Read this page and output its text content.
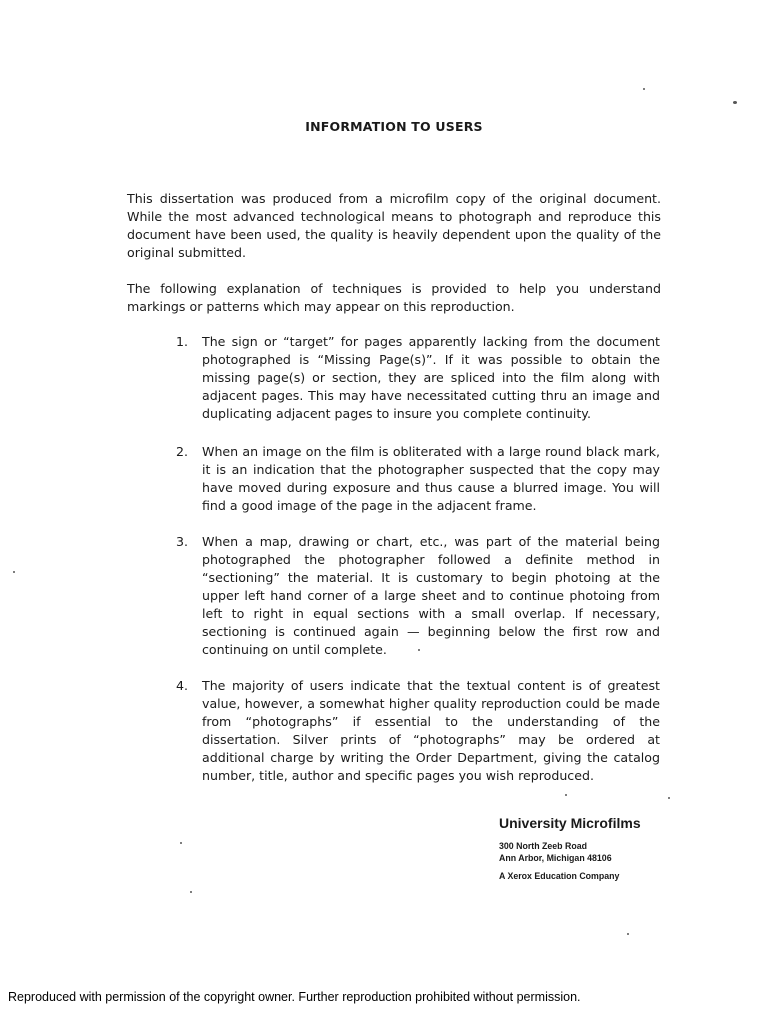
INFORMATION TO USERS

This dissertation was produced from a microfilm copy of the original document. While the most advanced technological means to photograph and reproduce this document have been used, the quality is heavily dependent upon the quality of the original submitted.

The following explanation of techniques is provided to help you understand markings or patterns which may appear on this reproduction.

1. The sign or “target” for pages apparently lacking from the document photographed is “Missing Page(s)”. If it was possible to obtain the missing page(s) or section, they are spliced into the film along with adjacent pages. This may have necessitated cutting thru an image and duplicating adjacent pages to insure you complete continuity.

2. When an image on the film is obliterated with a large round black mark, it is an indication that the photographer suspected that the copy may have moved during exposure and thus cause a blurred image. You will find a good image of the page in the adjacent frame.

3. When a map, drawing or chart, etc., was part of the material being photographed the photographer followed a definite method in “sectioning” the material. It is customary to begin photoing at the upper left hand corner of a large sheet and to continue photoing from left to right in equal sections with a small overlap. If necessary, sectioning is continued again — beginning below the first row and continuing on until complete.

4. The majority of users indicate that the textual content is of greatest value, however, a somewhat higher quality reproduction could be made from “photographs” if essential to the understanding of the dissertation. Silver prints of “photographs” may be ordered at additional charge by writing the Order Department, giving the catalog number, title, author and specific pages you wish reproduced.

University Microfilms
300 North Zeeb Road
Ann Arbor, Michigan 48106
A Xerox Education Company
Reproduced with permission of the copyright owner. Further reproduction prohibited without permission.
